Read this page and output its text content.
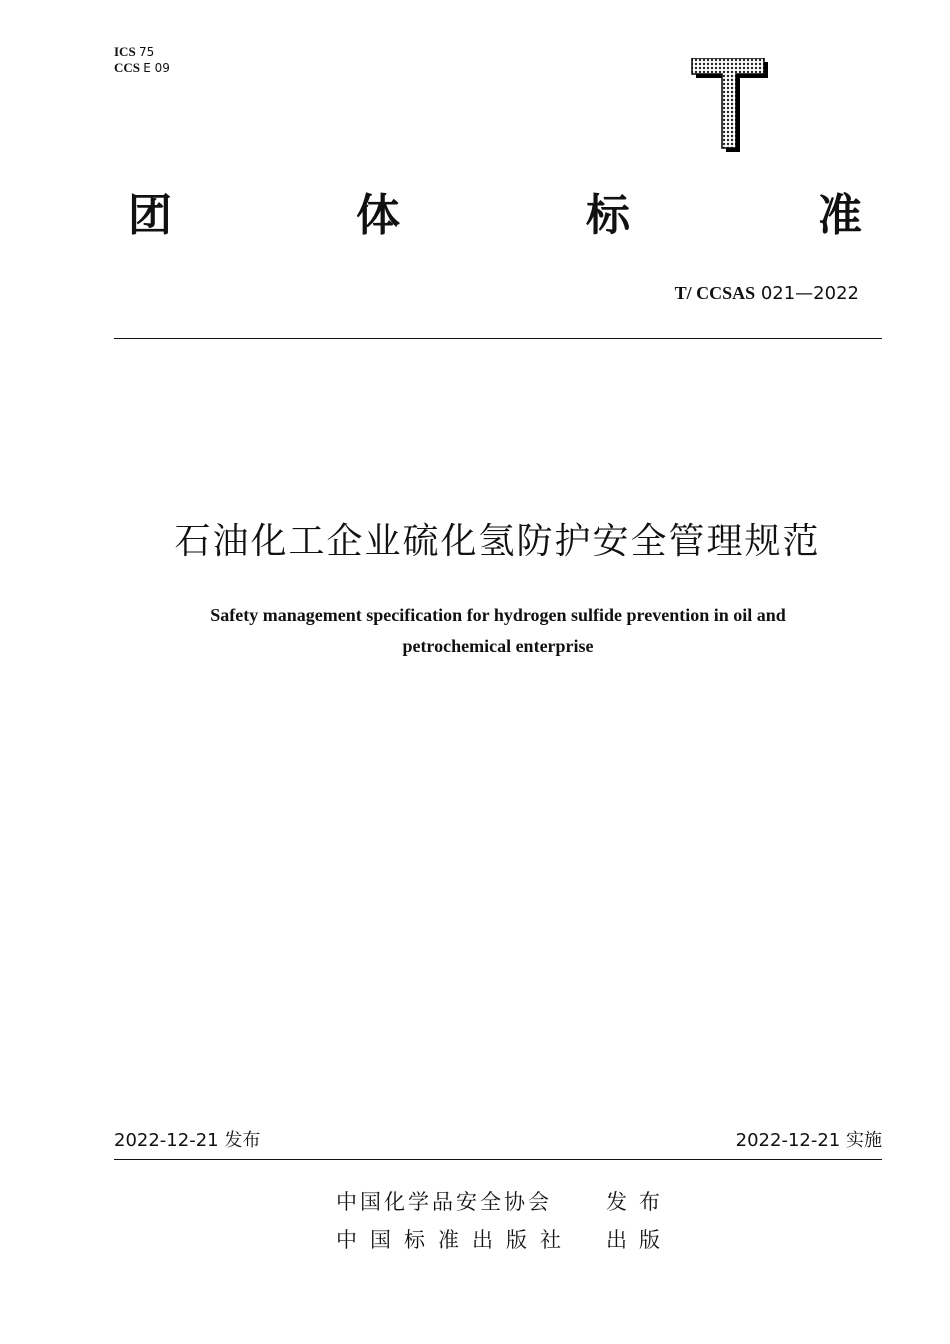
ICS 75
CCS E 09
团	体	标	准
T/ CCSAS 021—2022
石油化工企业硫化氢防护安全管理规范
Safety management specification for hydrogen sulfide prevention in oil and
petrochemical enterprise
2022-12-21 发布	2022-12-21 实施
中国化学品安全协会	发布
中国标准出版社 出版
